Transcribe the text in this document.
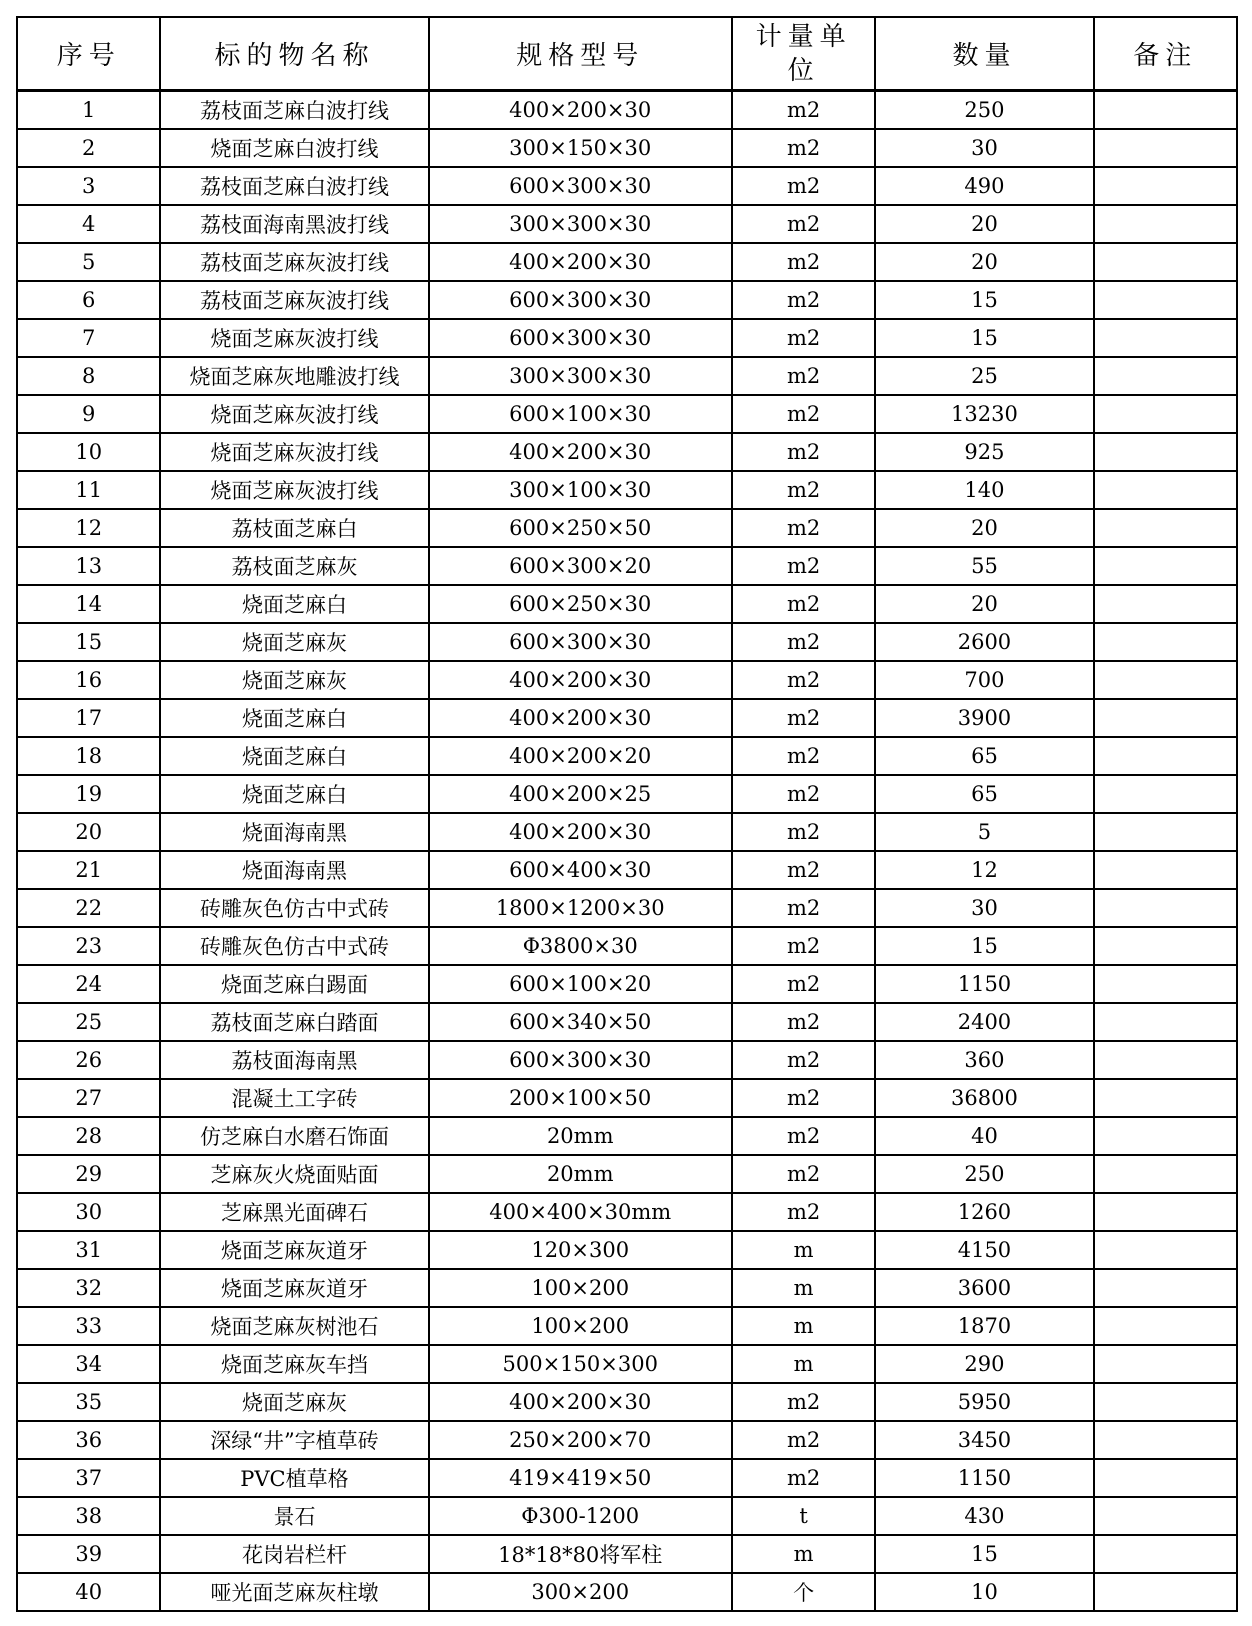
序号	标的物名称	规格型号	计量单位	数量	备注
1	荔枝面芝麻白波打线	400×200×30	m2	250	
2	烧面芝麻白波打线	300×150×30	m2	30	
3	荔枝面芝麻白波打线	600×300×30	m2	490	
4	荔枝面海南黑波打线	300×300×30	m2	20	
5	荔枝面芝麻灰波打线	400×200×30	m2	20	
6	荔枝面芝麻灰波打线	600×300×30	m2	15	
7	烧面芝麻灰波打线	600×300×30	m2	15	
8	烧面芝麻灰地雕波打线	300×300×30	m2	25	
9	烧面芝麻灰波打线	600×100×30	m2	13230	
10	烧面芝麻灰波打线	400×200×30	m2	925	
11	烧面芝麻灰波打线	300×100×30	m2	140	
12	荔枝面芝麻白	600×250×50	m2	20	
13	荔枝面芝麻灰	600×300×20	m2	55	
14	烧面芝麻白	600×250×30	m2	20	
15	烧面芝麻灰	600×300×30	m2	2600	
16	烧面芝麻灰	400×200×30	m2	700	
17	烧面芝麻白	400×200×30	m2	3900	
18	烧面芝麻白	400×200×20	m2	65	
19	烧面芝麻白	400×200×25	m2	65	
20	烧面海南黑	400×200×30	m2	5	
21	烧面海南黑	600×400×30	m2	12	
22	砖雕灰色仿古中式砖	1800×1200×30	m2	30	
23	砖雕灰色仿古中式砖	Φ3800×30	m2	15	
24	烧面芝麻白踢面	600×100×20	m2	1150	
25	荔枝面芝麻白踏面	600×340×50	m2	2400	
26	荔枝面海南黑	600×300×30	m2	360	
27	混凝土工字砖	200×100×50	m2	36800	
28	仿芝麻白水磨石饰面	20mm	m2	40	
29	芝麻灰火烧面贴面	20mm	m2	250	
30	芝麻黑光面碑石	400×400×30mm	m2	1260	
31	烧面芝麻灰道牙	120×300	m	4150	
32	烧面芝麻灰道牙	100×200	m	3600	
33	烧面芝麻灰树池石	100×200	m	1870	
34	烧面芝麻灰车挡	500×150×300	m	290	
35	烧面芝麻灰	400×200×30	m2	5950	
36	深绿“井”字植草砖	250×200×70	m2	3450	
37	PVC植草格	419×419×50	m2	1150	
38	景石	Φ300-1200	t	430	
39	花岗岩栏杆	18*18*80将军柱	m	15	
40	哑光面芝麻灰柱墩	300×200	个	10	
